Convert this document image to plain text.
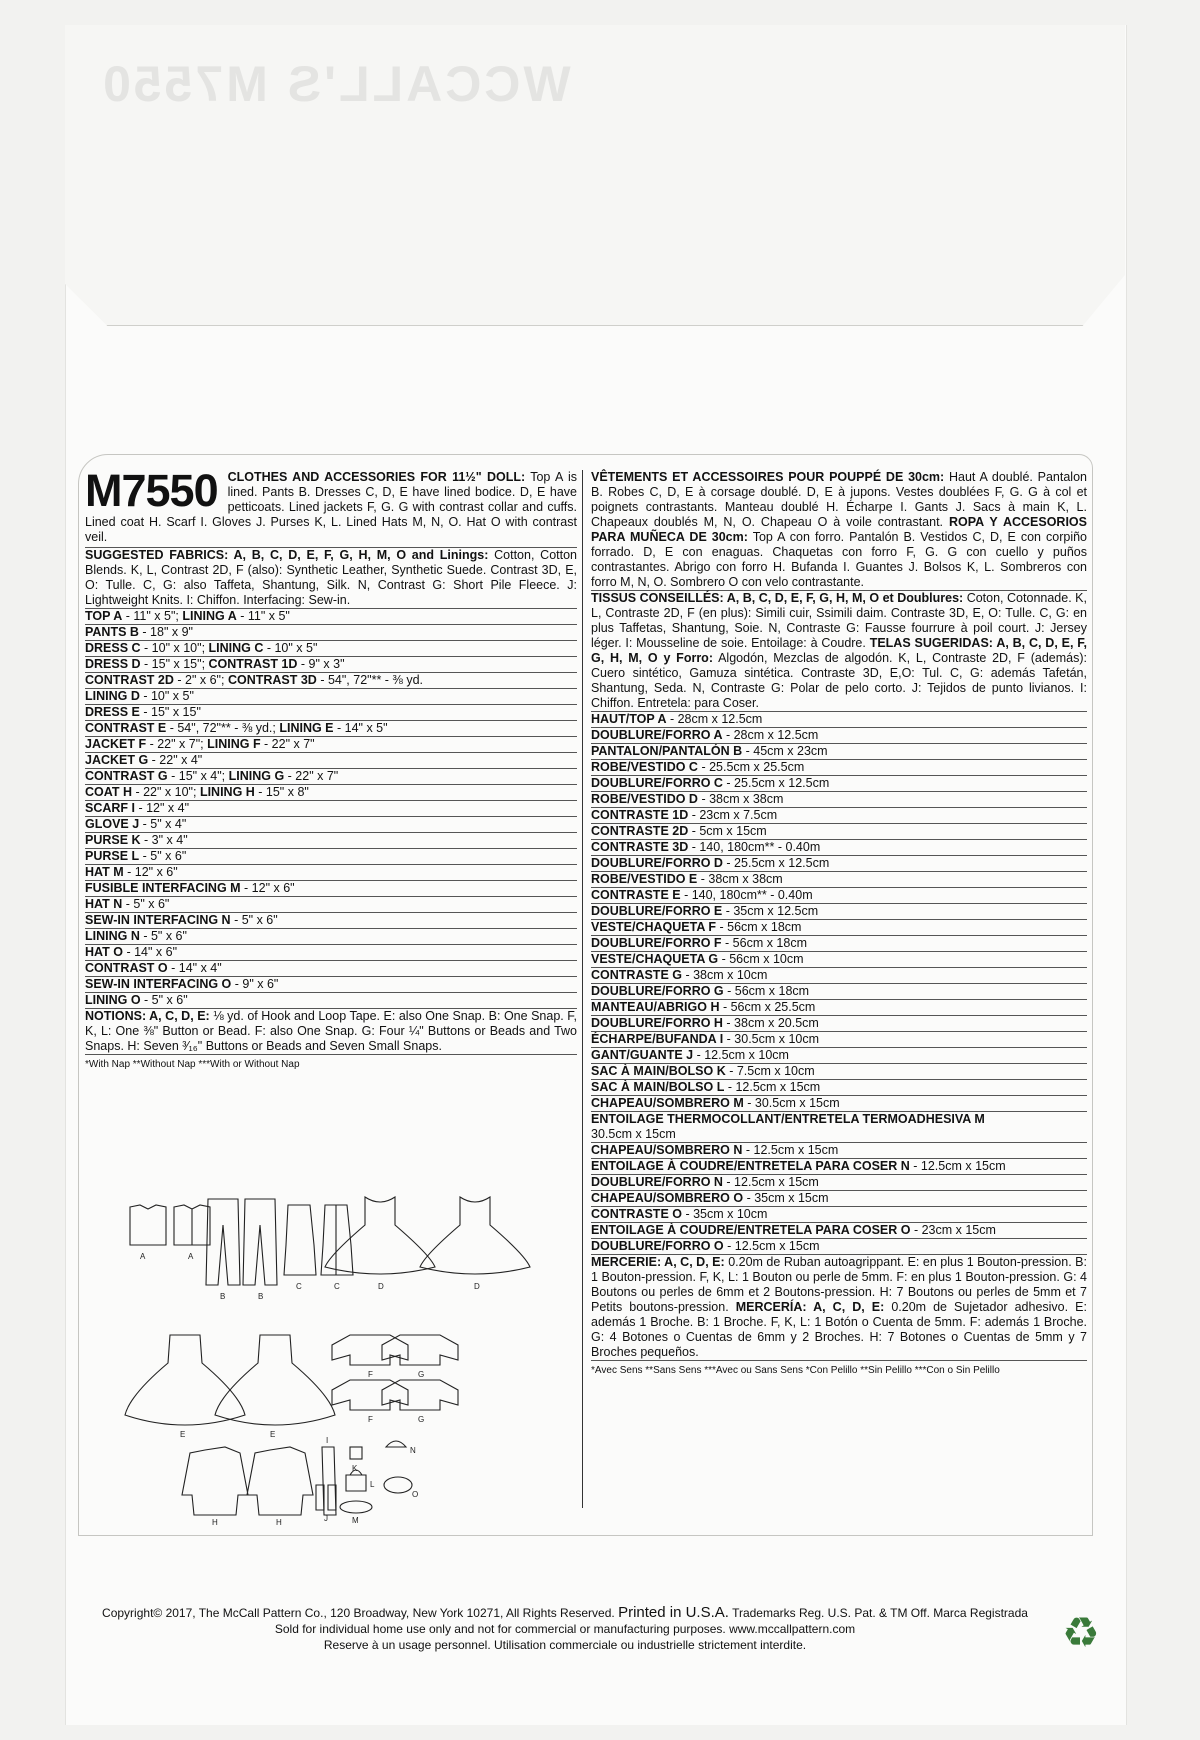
WCCALL'S M7550
M7550 CLOTHES AND ACCESSORIES FOR 11½" DOLL: Top A is lined. Pants B. Dresses C, D, E have lined bodice. D, E have petticoats. Lined jackets F, G. G with contrast collar and cuffs. Lined coat H. Scarf I. Gloves J. Purses K, L. Lined Hats M, N, O. Hat O with contrast veil.
SUGGESTED FABRICS: A, B, C, D, E, F, G, H, M, O and Linings: Cotton, Cotton Blends. K, L, Contrast 2D, F (also): Synthetic Leather, Synthetic Suede. Contrast 3D, E, O: Tulle. C, G: also Taffeta, Shantung, Silk. N, Contrast G: Short Pile Fleece. J: Lightweight Knits. I: Chiffon. Interfacing: Sew-in.
TOP A - 11" x 5"; LINING A - 11" x 5"
PANTS B - 18" x 9"
DRESS C - 10" x 10"; LINING C - 10" x 5"
DRESS D - 15" x 15"; CONTRAST 1D - 9" x 3"
CONTRAST 2D - 2" x 6"; CONTRAST 3D - 54", 72"** - ⅜ yd.
LINING D - 10" x 5"
DRESS E - 15" x 15"
CONTRAST E - 54", 72"** - ⅜ yd.; LINING E - 14" x 5"
JACKET F - 22" x 7"; LINING F - 22" x 7"
JACKET G - 22" x 4"
CONTRAST G - 15" x 4"; LINING G - 22" x 7"
COAT H - 22" x 10"; LINING H - 15" x 8"
SCARF I - 12" x 4"
GLOVE J - 5" x 4"
PURSE K - 3" x 4"
PURSE L - 5" x 6"
HAT M - 12" x 6"
FUSIBLE INTERFACING M - 12" x 6"
HAT N - 5" x 6"
SEW-IN INTERFACING N - 5" x 6"
LINING N - 5" x 6"
HAT O - 14" x 6"
CONTRAST O - 14" x 4"
SEW-IN INTERFACING O - 9" x 6"
LINING O - 5" x 6"
NOTIONS: A, C, D, E: ⅛ yd. of Hook and Loop Tape. E: also One Snap. B: One Snap. F, K, L: One ⅜" Button or Bead. F: also One Snap. G: Four ¼" Buttons or Beads and Two Snaps. H: Seven ³⁄₁₆" Buttons or Beads and Seven Small Snaps.
*With Nap **Without Nap ***With or Without Nap
A	A
B	B
C	C	D	D
E	E
F
F
G
G
H	H
I
J
K
L
M
N
O
VÊTEMENTS ET ACCESSOIRES POUR POUPPÉ DE 30cm: Haut A doublé. Pantalon B. Robes C, D, E à corsage doublé. D, E à jupons. Vestes doublées F, G. G à col et poignets contrastants. Manteau doublé H. Écharpe I. Gants J. Sacs à main K, L. Chapeaux doublés M, N, O. Chapeau O à voile contrastant. ROPA Y ACCESORIOS PARA MUÑECA DE 30cm: Top A con forro. Pantalón B. Vestidos C, D, E con corpiño forrado. D, E con enaguas. Chaquetas con forro F, G. G con cuello y puños contrastantes. Abrigo con forro H. Bufanda I. Guantes J. Bolsos K, L. Sombreros con forro M, N, O. Sombrero O con velo contrastante.
TISSUS CONSEILLÉS: A, B, C, D, E, F, G, H, M, O et Doublures: Coton, Cotonnade. K, L, Contraste 2D, F (en plus): Simili cuir, Ssimili daim. Contraste 3D, E, O: Tulle. C, G: en plus Taffetas, Shantung, Soie. N, Contraste G: Fausse fourrure à poil court. J: Jersey léger. I: Mousseline de soie. Entoilage: à Coudre. TELAS SUGERIDAS: A, B, C, D, E, F, G, H, M, O y Forro: Algodón, Mezclas de algodón. K, L, Contraste 2D, F (además): Cuero sintético, Gamuza sintética. Contraste 3D, E,O: Tul. C, G: además Tafetán, Shantung, Seda. N, Contraste G: Polar de pelo corto. J: Tejidos de punto livianos. I: Chiffon. Entretela: para Coser.
HAUT/TOP A - 28cm x 12.5cm
DOUBLURE/FORRO A - 28cm x 12.5cm
PANTALON/PANTALÓN B - 45cm x 23cm
ROBE/VESTIDO C - 25.5cm x 25.5cm
DOUBLURE/FORRO C - 25.5cm x 12.5cm
ROBE/VESTIDO D - 38cm x 38cm
CONTRASTE 1D - 23cm x 7.5cm
CONTRASTE 2D - 5cm x 15cm
CONTRASTE 3D - 140, 180cm** - 0.40m
DOUBLURE/FORRO D - 25.5cm x 12.5cm
ROBE/VESTIDO E - 38cm x 38cm
CONTRASTE E - 140, 180cm** - 0.40m
DOUBLURE/FORRO E - 35cm x 12.5cm
VESTE/CHAQUETA F - 56cm x 18cm
DOUBLURE/FORRO F - 56cm x 18cm
VESTE/CHAQUETA G - 56cm x 10cm
CONTRASTE G - 38cm x 10cm
DOUBLURE/FORRO G - 56cm x 18cm
MANTEAU/ABRIGO H - 56cm x 25.5cm
DOUBLURE/FORRO H - 38cm x 20.5cm
ÉCHARPE/BUFANDA I - 30.5cm x 10cm
GANT/GUANTE J - 12.5cm x 10cm
SAC À MAIN/BOLSO K - 7.5cm x 10cm
SAC À MAIN/BOLSO L - 12.5cm x 15cm
CHAPEAU/SOMBRERO M - 30.5cm x 15cm
ENTOILAGE THERMOCOLLANT/ENTRETELA TERMOADHESIVA M
30.5cm x 15cm
CHAPEAU/SOMBRERO N - 12.5cm x 15cm
ENTOILAGE À COUDRE/ENTRETELA PARA COSER N - 12.5cm x 15cm
DOUBLURE/FORRO N - 12.5cm x 15cm
CHAPEAU/SOMBRERO O - 35cm x 15cm
CONTRASTE O - 35cm x 10cm
ENTOILAGE À COUDRE/ENTRETELA PARA COSER O - 23cm x 15cm
DOUBLURE/FORRO O - 12.5cm x 15cm
MERCERIE: A, C, D, E: 0.20m de Ruban autoagrippant. E: en plus 1 Bouton-pression. B: 1 Bouton-pression. F, K, L: 1 Bouton ou perle de 5mm. F: en plus 1 Bouton-pression. G: 4 Boutons ou perles de 6mm et 2 Boutons-pression. H: 7 Boutons ou perles de 5mm et 7 Petits boutons-pression. MERCERÍA: A, C, D, E: 0.20m de Sujetador adhesivo. E: además 1 Broche. B: 1 Broche. F, K, L: 1 Botón o Cuenta de 5mm. F: además 1 Broche. G: 4 Botones o Cuentas de 6mm y 2 Broches. H: 7 Botones o Cuentas de 5mm y 7 Broches pequeños.
*Avec Sens **Sans Sens ***Avec ou Sans Sens *Con Pelillo **Sin Pelillo ***Con o Sin Pelillo
Copyright© 2017, The McCall Pattern Co., 120 Broadway, New York 10271, All Rights Reserved. Printed in U.S.A. Trademarks Reg. U.S. Pat. & TM Off. Marca Registrada
Sold for individual home use only and not for commercial or manufacturing purposes. www.mccallpattern.com
Reserve à un usage personnel. Utilisation commerciale ou industrielle strictement interdite.	♻
